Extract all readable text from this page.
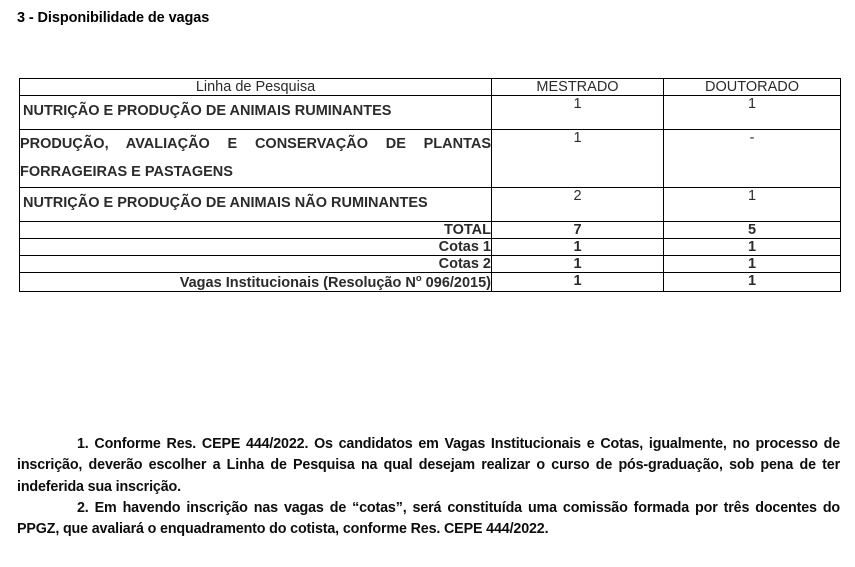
3 - Disponibilidade de vagas
Linha de Pesquisa	MESTRADO	DOUTORADO
NUTRIÇÃO E PRODUÇÃO DE ANIMAIS RUMINANTES	1	1
PRODUÇÃO, AVALIAÇÃO E CONSERVAÇÃO DE PLANTAS FORRAGEIRAS E PASTAGENS	1	-
NUTRIÇÃO E PRODUÇÃO DE ANIMAIS NÃO RUMINANTES	2	1
TOTAL	7	5
Cotas 1	1	1
Cotas 2	1	1
Vagas Institucionais (Resolução $N^o$ 096/2015)	1	1

1. Conforme Res. CEPE 444/2022. Os candidatos em Vagas Institucionais e Cotas, igualmente, no processo de inscrição, deverão escolher a Linha de Pesquisa na qual desejam realizar o curso de pós-graduação, sob pena de ter indeferida sua inscrição.

2. Em havendo inscrição nas vagas de “cotas”, será constituída uma comissão formada por três docentes do PPGZ, que avaliará o enquadramento do cotista, conforme Res. CEPE 444/2022.
